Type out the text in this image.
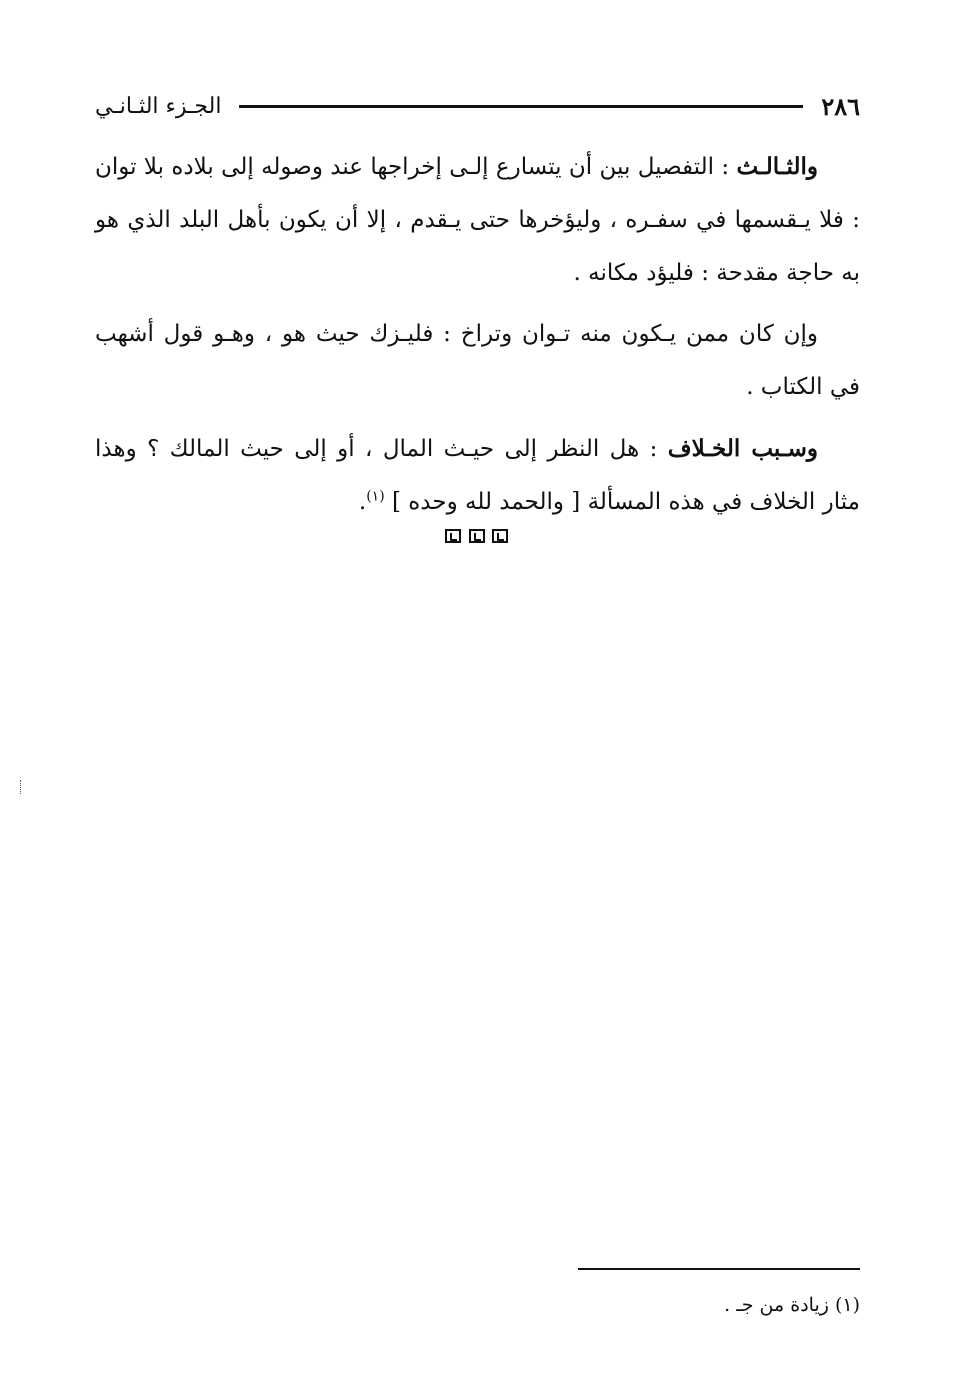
٢٨٦
الجـزء الثـانـي

والثـالـث : التفصيل بين أن يتسارع إلـى إخراجها عند وصوله إلى بلاده بلا توان : فلا يـقسمها في سفـره ، وليؤخرها حتى يـقدم ، إلا أن يكون بأهل البلد الذي هو به حاجة مقدحة : فليؤد مكانه .

وإن كان ممن يـكون منه تـوان وتراخ : فليـزك حيث هو ، وهـو قول أشهب في الكتاب .

وسـبب الخـلاف : هل النظر إلى حيـث المال ، أو إلى حيث المالك ؟ وهذا مثار الخلاف في هذه المسألة [ والحمد لله وحده ] $^{(١)}$.

(١) زيادة من جـ .
